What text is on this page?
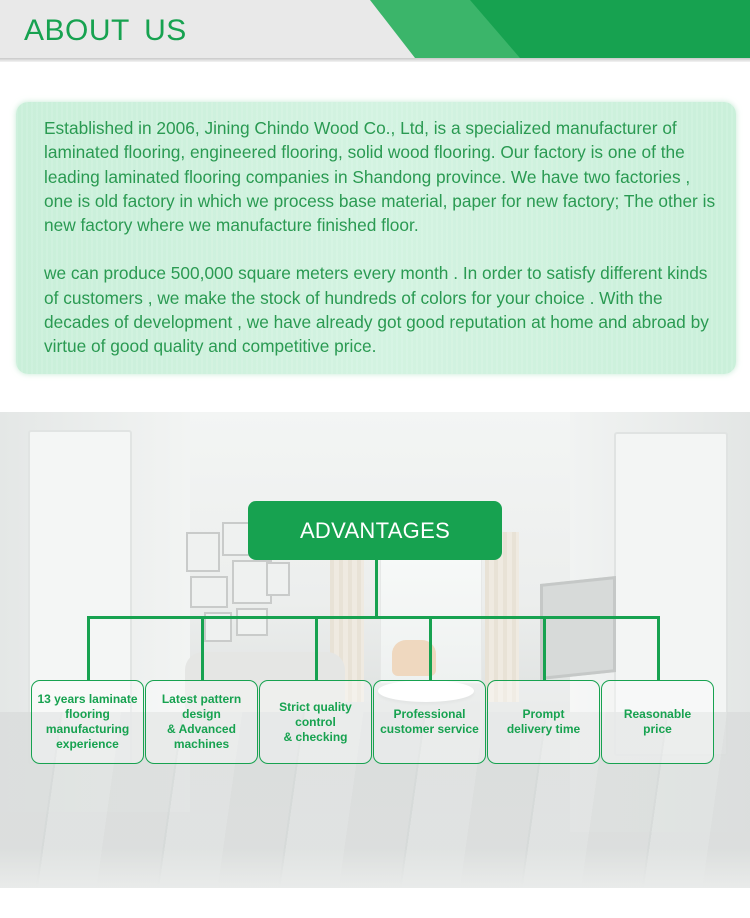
ABOUT US

Established in 2006, Jining Chindo Wood Co., Ltd, is a specialized manufacturer of laminated flooring, engineered flooring, solid wood flooring. Our factory is one of the leading laminated flooring companies in Shandong province. We have two factories , one is old factory in which we process base material, paper for new factory; The other is new factory where we manufacture finished floor.

we can produce 500,000 square meters every month . In order to satisfy different kinds of customers , we make the stock of hundreds of colors for your choice . With the decades of development , we have already got good reputation at home and abroad by virtue of good quality and competitive price.

ADVANTAGES
13 years laminate
flooring
manufacturing
experience
Latest pattern
design
& Advanced
machines
Strict quality
control
& checking
Professional
customer service
Prompt
delivery time
Reasonable
price
